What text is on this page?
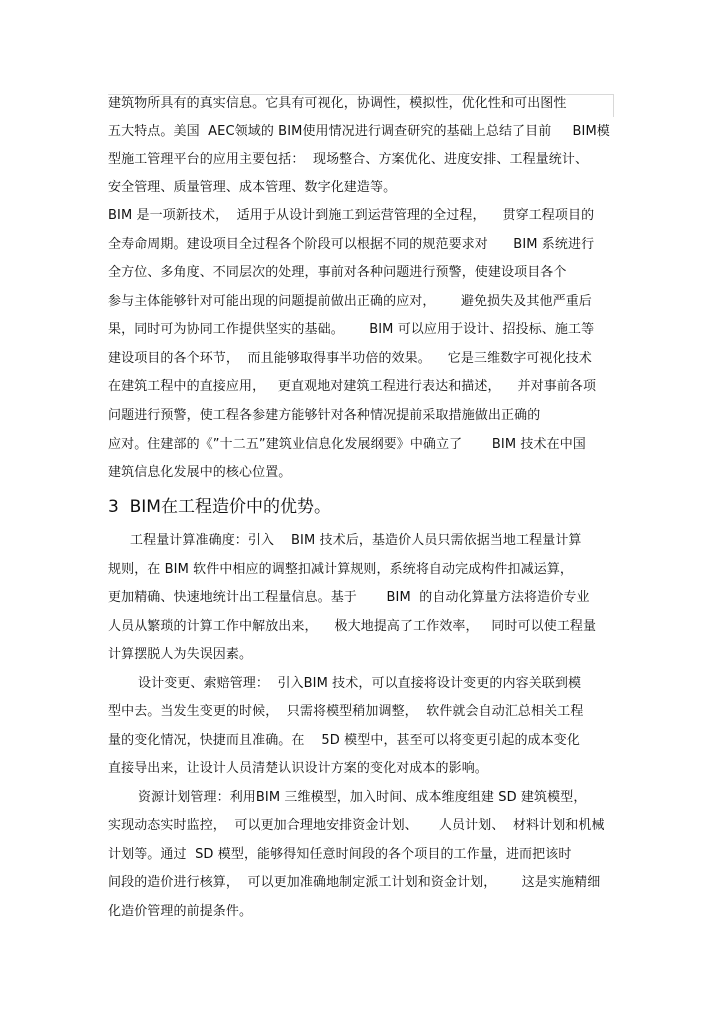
建筑物所具有的真实信息。它具有可视化，协调性，模拟性，优化性和可出图性
五大特点。美国  AEC领域的 BIM使用情况进行调查研究的基础上总结了目前     BIM模
型施工管理平台的应用主要包括：  现场整合、方案优化、进度安排、工程量统计、
安全管理、质量管理、成本管理、数字化建造等。
BIM 是一项新技术，  适用于从设计到施工到运营管理的全过程，    贯穿工程项目的
全寿命周期。建设项目全过程各个阶段可以根据不同的规范要求对      BIM 系统进行
全方位、多角度、不同层次的处理，事前对各种问题进行预警，使建设项目各个
参与主体能够针对可能出现的问题提前做出正确的应对，      避免损失及其他严重后
果，同时可为协同工作提供坚实的基础。      BIM 可以应用于设计、招投标、施工等
建设项目的各个环节，  而且能够取得事半功倍的效果。    它是三维数字可视化技术
在建筑工程中的直接应用，   更直观地对建筑工程进行表达和描述，    并对事前各项
问题进行预警，使工程各参建方能够针对各种情况提前采取措施做出正确的
应对。住建部的《”十二五”建筑业信息化发展纲要》中确立了       BIM 技术在中国
建筑信息化发展中的核心位置。
3  BIM在工程造价中的优势。
工程量计算准确度：引入    BIM 技术后，基造价人员只需依据当地工程量计算
规则，在 BIM 软件中相应的调整扣减计算规则，系统将自动完成构件扣减运算，
更加精确、快速地统计出工程量信息。基于       BIM  的自动化算量方法将造价专业
人员从繁琐的计算工作中解放出来，    极大地提高了工作效率，   同时可以使工程量
计算摆脱人为失误因素。
设计变更、索赔管理：  引入BIM 技术，可以直接将设计变更的内容关联到模
型中去。当发生变更的时候，  只需将模型稍加调整，  软件就会自动汇总相关工程
量的变化情况，快捷而且准确。在    5D 模型中，甚至可以将变更引起的成本变化
直接导出来，让设计人员清楚认识设计方案的变化对成本的影响。
资源计划管理：利用BIM 三维模型，加入时间、成本维度组建 SD 建筑模型，
实现动态实时监控，  可以更加合理地安排资金计划、     人员计划、  材料计划和机械
计划等。通过  SD 模型，能够得知任意时间段的各个项目的工作量，进而把该时
间段的造价进行核算，  可以更加准确地制定派工计划和资金计划，      这是实施精细
化造价管理的前提条件。
